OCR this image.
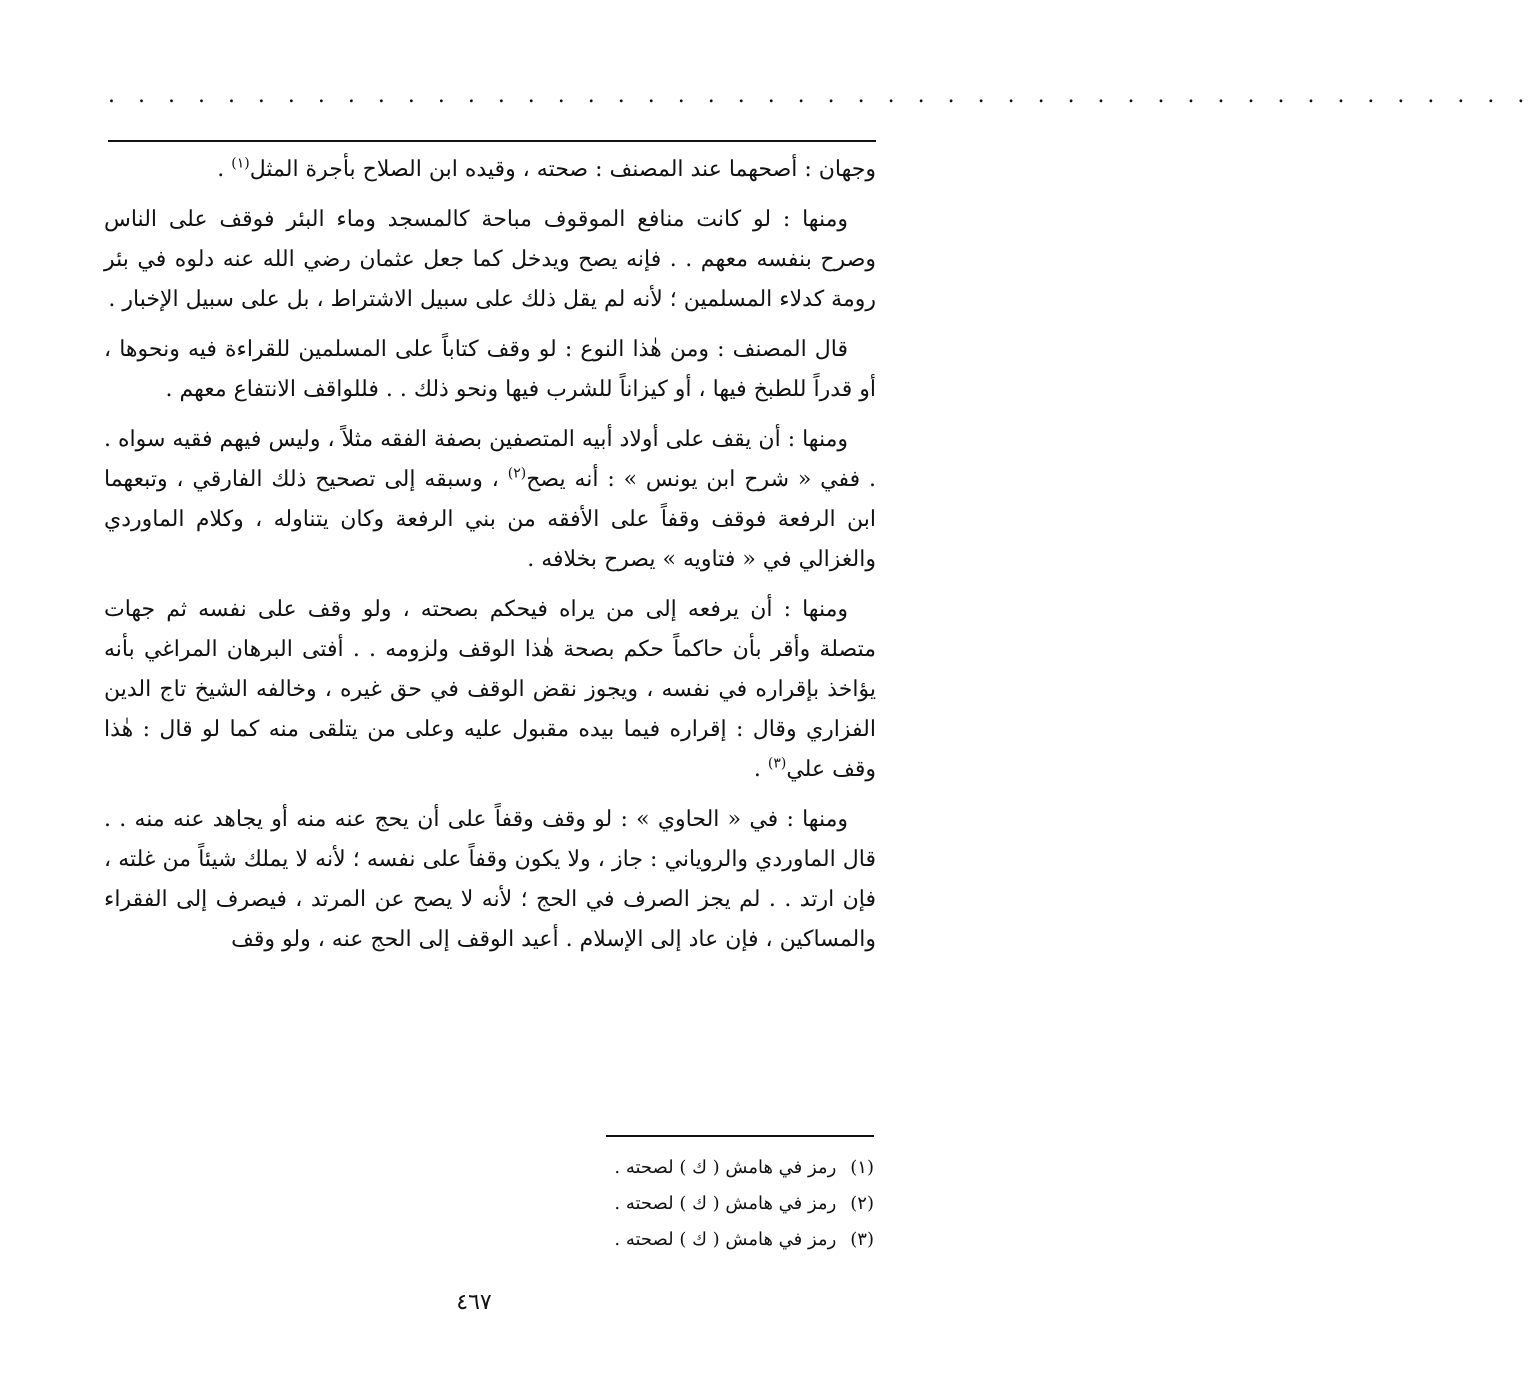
. . . . . . . . . . . . . . . . . . . . . . . . . . . . . . . . . . . . . . . . . . . . . . . .

وجهان : أصحهما عند المصنف : صحته ، وقيده ابن الصلاح بأجرة المثل$^{(١)}$ .

ومنها : لو كانت منافع الموقوف مباحة كالمسجد وماء البئر فوقف على الناس وصرح بنفسه معهم . . فإنه يصح ويدخل كما جعل عثمان رضي الله عنه دلوه في بئر رومة كدلاء المسلمين ؛ لأنه لم يقل ذلك على سبيل الاشتراط ، بل على سبيل الإخبار .

قال المصنف : ومن هٰذا النوع : لو وقف كتاباً على المسلمين للقراءة فيه ونحوها ، أو قدراً للطبخ فيها ، أو كيزاناً للشرب فيها ونحو ذلك . . فللواقف الانتفاع معهم .

ومنها : أن يقف على أولاد أبيه المتصفين بصفة الفقه مثلاً ، وليس فيهم فقيه سواه . . ففي « شرح ابن يونس » : أنه يصح$^{(٢)}$ ، وسبقه إلى تصحيح ذلك الفارقي ، وتبعهما ابن الرفعة فوقف وقفاً على الأفقه من بني الرفعة وكان يتناوله ، وكلام الماوردي والغزالي في « فتاويه » يصرح بخلافه .

ومنها : أن يرفعه إلى من يراه فيحكم بصحته ، ولو وقف على نفسه ثم جهات متصلة وأقر بأن حاكماً حكم بصحة هٰذا الوقف ولزومه . . أفتى البرهان المراغي بأنه يؤاخذ بإقراره في نفسه ، ويجوز نقض الوقف في حق غيره ، وخالفه الشيخ تاج الدين الفزاري وقال : إقراره فيما بيده مقبول عليه وعلى من يتلقى منه كما لو قال : هٰذا وقف علي$^{(٣)}$ .

ومنها : في « الحاوي » : لو وقف وقفاً على أن يحج عنه منه أو يجاهد عنه منه . . قال الماوردي والروياني : جاز ، ولا يكون وقفاً على نفسه ؛ لأنه لا يملك شيئاً من غلته ، فإن ارتد . . لم يجز الصرف في الحج ؛ لأنه لا يصح عن المرتد ، فيصرف إلى الفقراء والمساكين ، فإن عاد إلى الإسلام . أعيد الوقف إلى الحج عنه ، ولو وقف

(١)رمز في هامش ( ك ) لصحته .

(٢)رمز في هامش ( ك ) لصحته .

(٣)رمز في هامش ( ك ) لصحته .

٤٦٧
